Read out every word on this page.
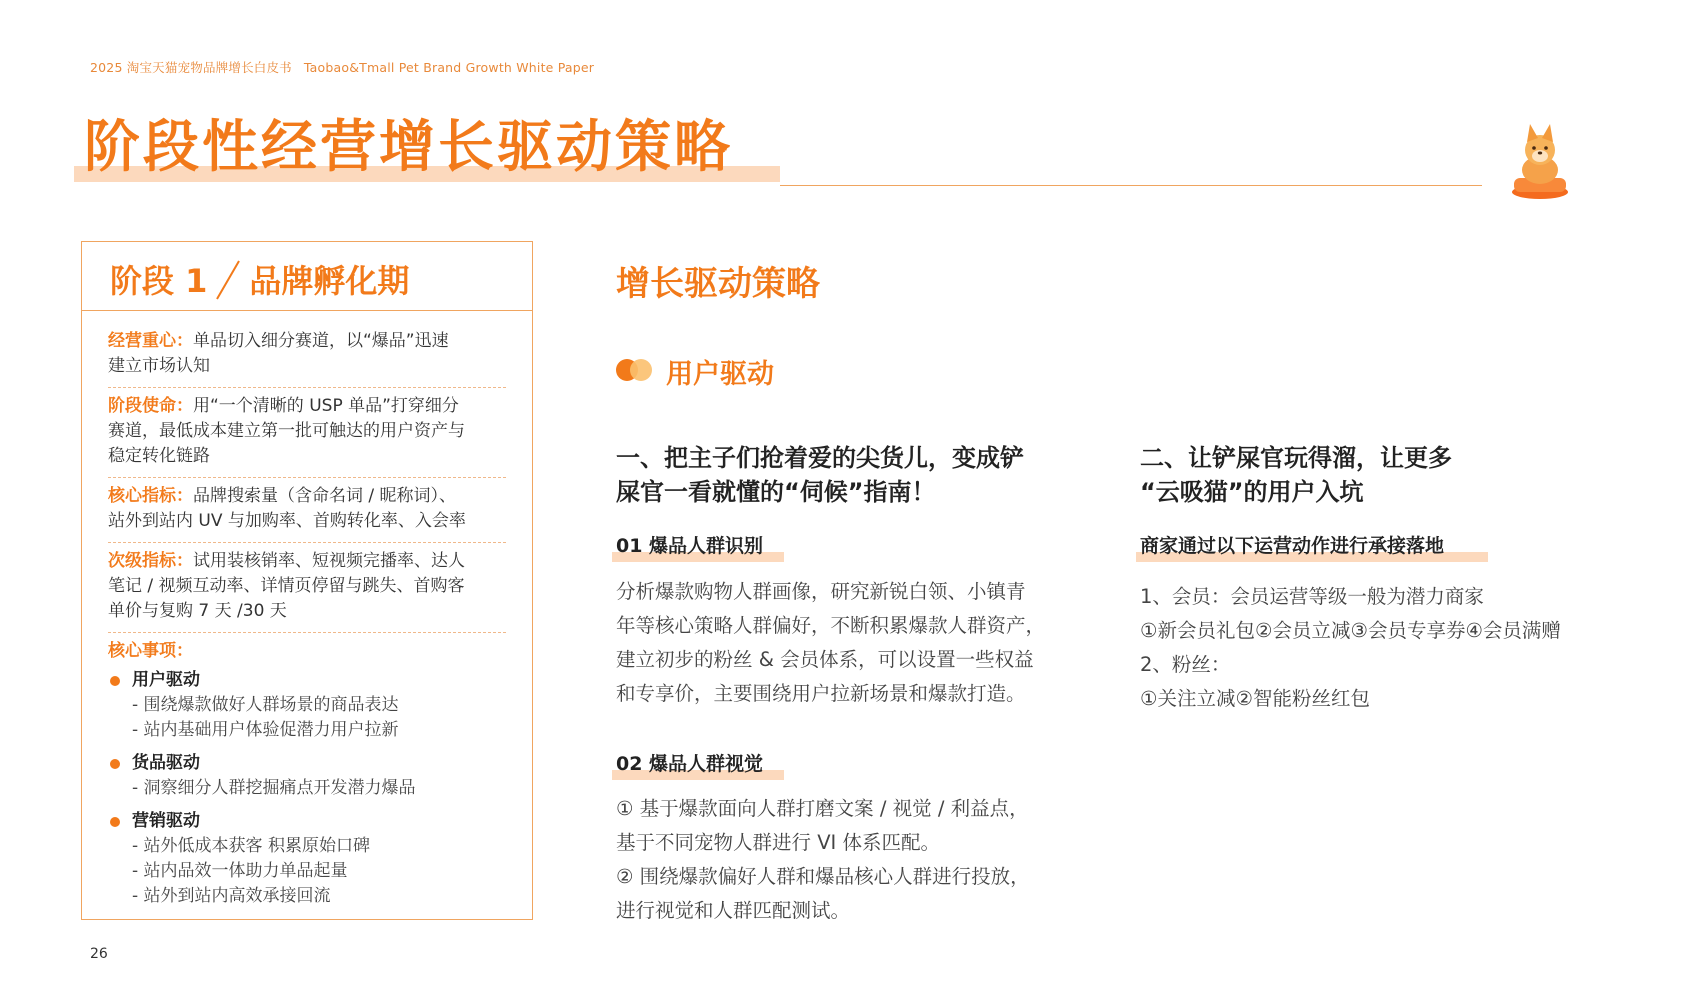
2025 淘宝天猫宠物品牌增长白皮书 Taobao&Tmall Pet Brand Growth White Paper
阶段性经营增长驱动策略
阶段 1 品牌孵化期
经营重心：单品切入细分赛道，以“爆品”迅速
建立市场认知
阶段使命：用“一个清晰的 USP 单品”打穿细分
赛道，最低成本建立第一批可触达的用户资产与
稳定转化链路
核心指标：品牌搜索量（含命名词 / 昵称词）、
站外到站内 UV 与加购率、首购转化率、入会率
次级指标：试用装核销率、短视频完播率、达人
笔记 / 视频互动率、详情页停留与跳失、首购客
单价与复购 7 天 /30 天
核心事项：
用户驱动
- 围绕爆款做好人群场景的商品表达
- 站内基础用户体验促潜力用户拉新
货品驱动
- 洞察细分人群挖掘痛点开发潜力爆品
营销驱动
- 站外低成本获客 积累原始口碑
- 站内品效一体助力单品起量
- 站外到站内高效承接回流
增长驱动策略
用户驱动
一、把主子们抢着爱的尖货儿，变成铲
屎官一看就懂的“伺候”指南！
01 爆品人群识别
分析爆款购物人群画像，研究新锐白领、小镇青
年等核心策略人群偏好，不断积累爆款人群资产，
建立初步的粉丝 & 会员体系，可以设置一些权益
和专享价，主要围绕用户拉新场景和爆款打造。
02 爆品人群视觉
① 基于爆款面向人群打磨文案 / 视觉 / 利益点，
基于不同宠物人群进行 VI 体系匹配。
② 围绕爆款偏好人群和爆品核心人群进行投放，
进行视觉和人群匹配测试。
二、让铲屎官玩得溜，让更多
“云吸猫”的用户入坑
商家通过以下运营动作进行承接落地
1、会员：会员运营等级一般为潜力商家
①新会员礼包②会员立减③会员专享券④会员满赠
2、粉丝：
①关注立减②智能粉丝红包
26
